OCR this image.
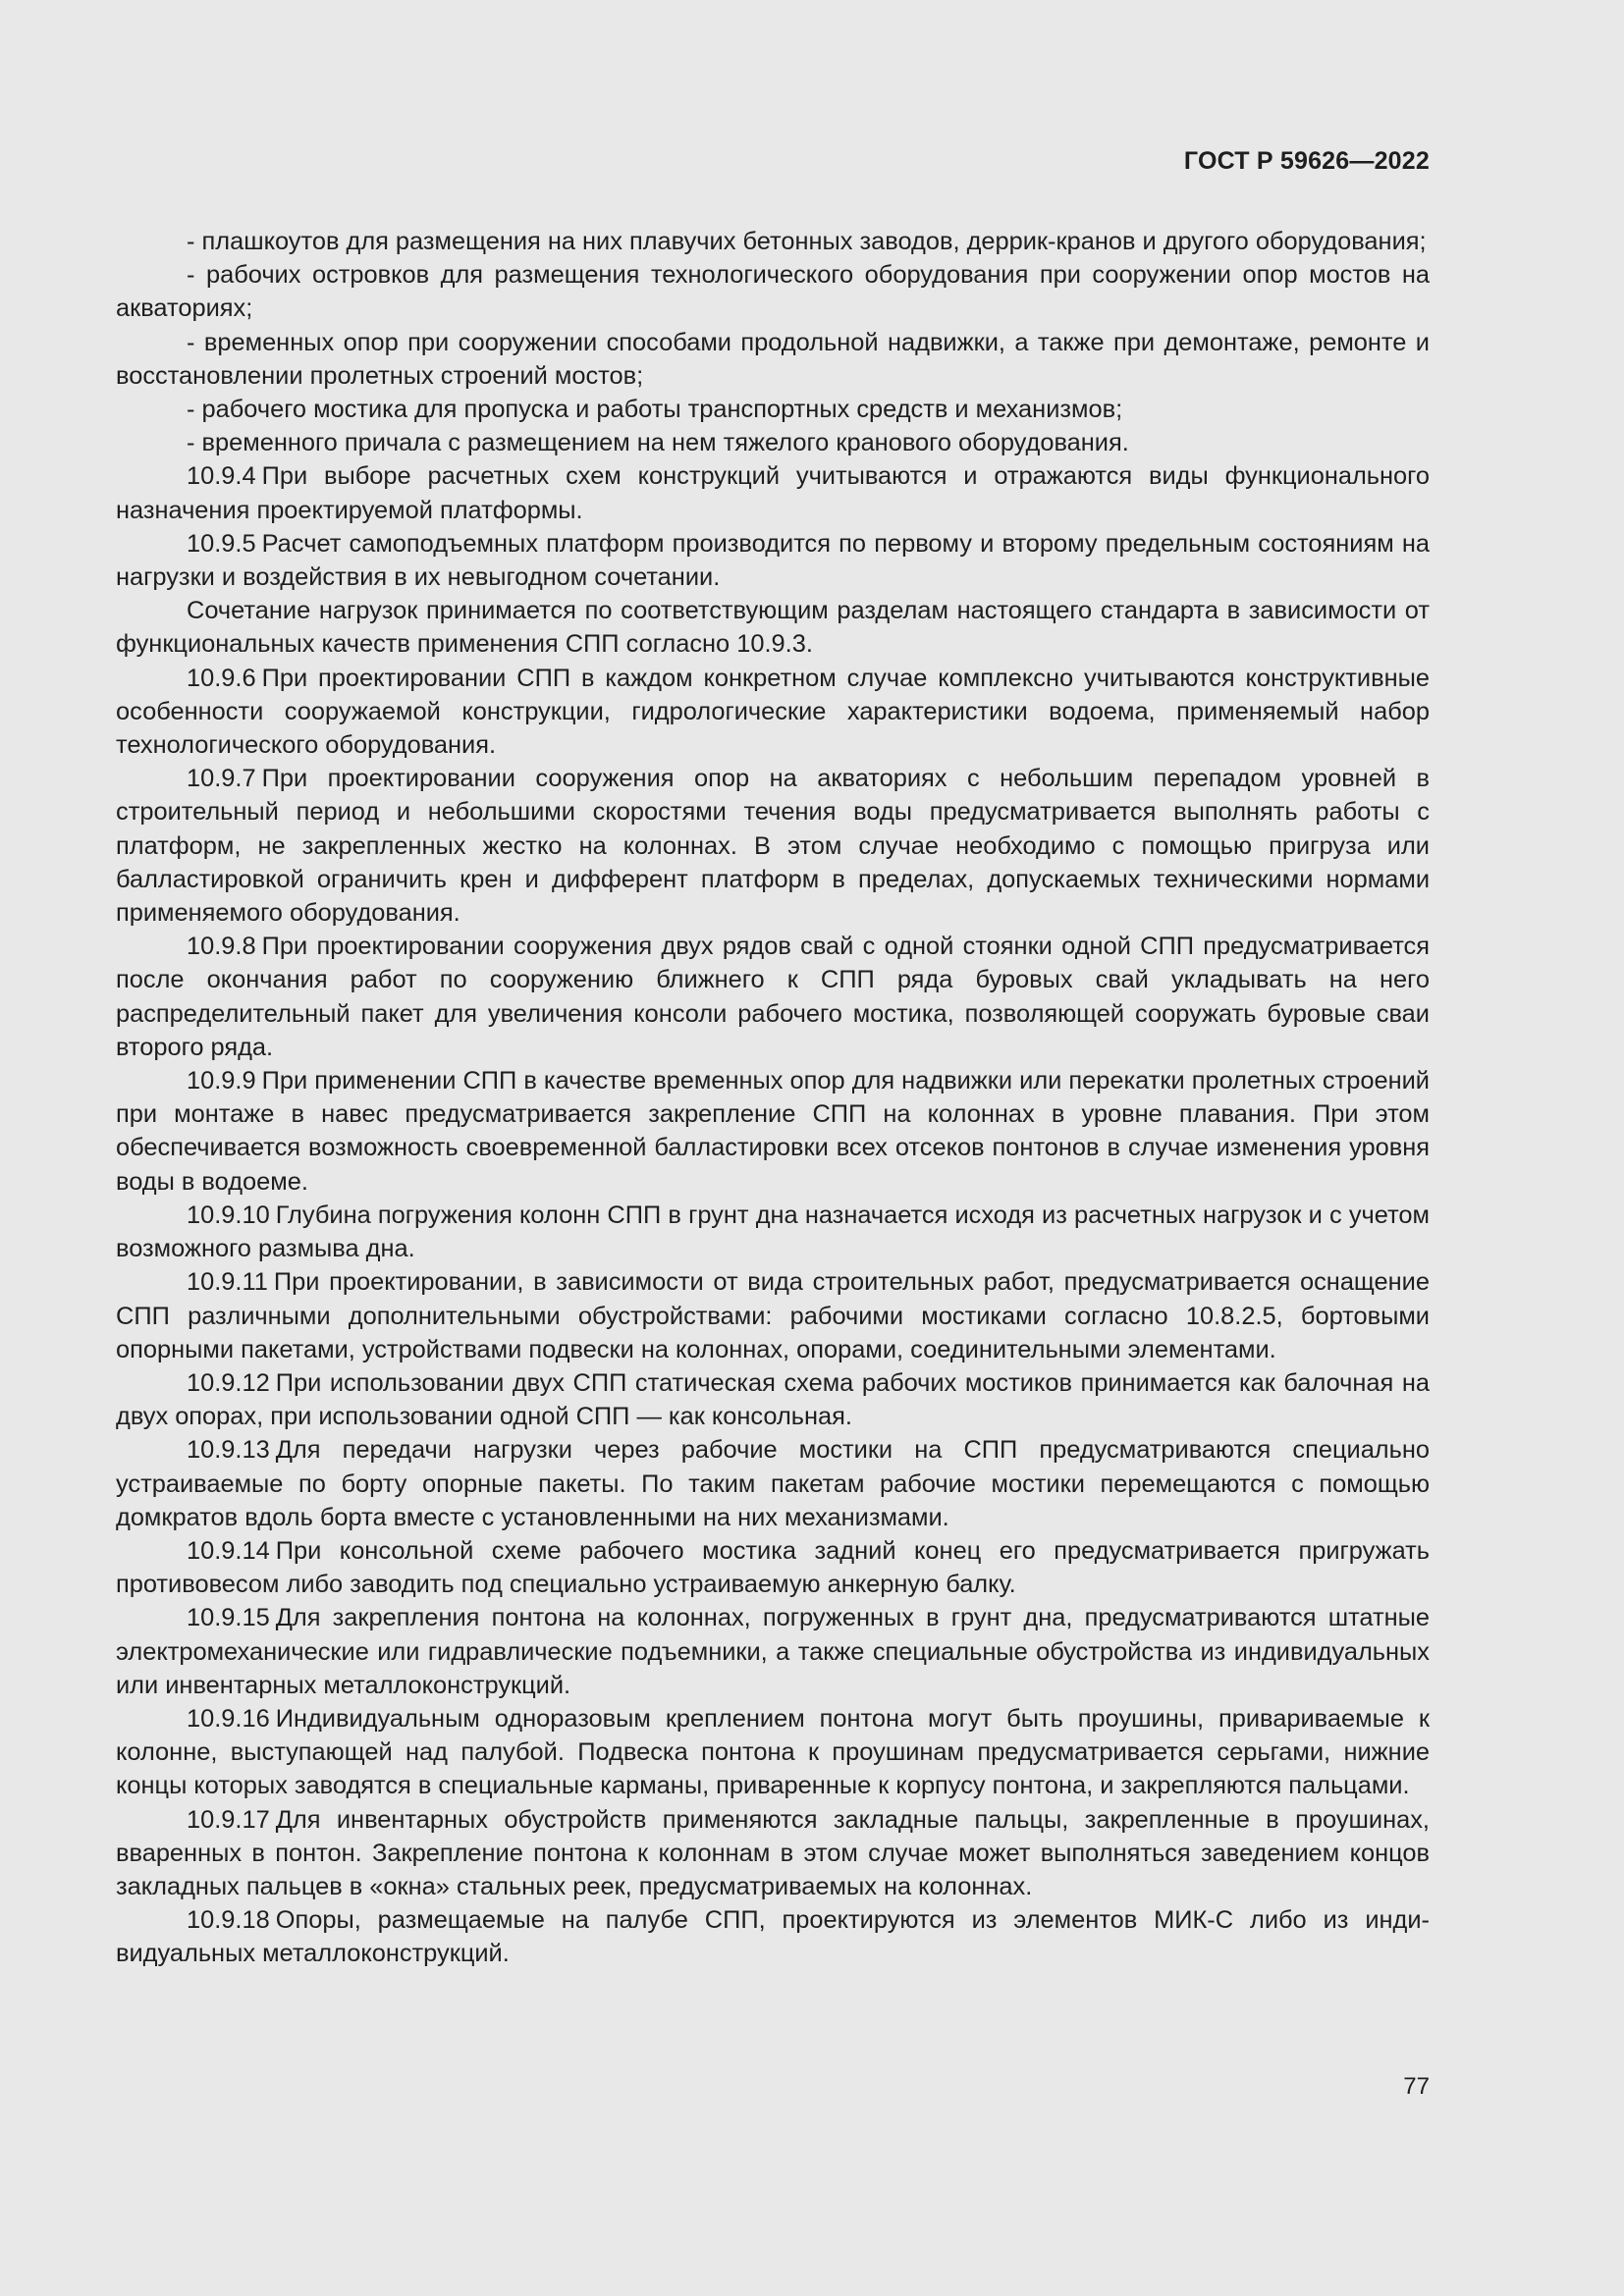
ГОСТ Р 59626—2022

- плашкоутов для размещения на них плавучих бетонных заводов, деррик-кранов и другого оборудования;

- рабочих островков для размещения технологического оборудования при сооружении опор мостов на акваториях;

- временных опор при сооружении способами продольной надвижки, а также при демонтаже, ремонте и восстановлении пролетных строений мостов;

- рабочего мостика для пропуска и работы транспортных средств и механизмов;

- временного причала с размещением на нем тяжелого кранового оборудования.

10.9.4 При выборе расчетных схем конструкций учитываются и отражаются виды функционального назначения проектируемой платформы.

10.9.5 Расчет самоподъемных платформ производится по первому и второму предельным состояниям на нагрузки и воздействия в их невыгодном сочетании.

Сочетание нагрузок принимается по соответствующим разделам настоящего стандарта в зависимости от функциональных качеств применения СПП согласно 10.9.3.

10.9.6 При проектировании СПП в каждом конкретном случае комплексно учитываются конструктивные особенности сооружаемой конструкции, гидрологические характеристики водоема, применяемый набор технологического оборудования.

10.9.7 При проектировании сооружения опор на акваториях с небольшим перепадом уровней в строительный период и небольшими скоростями течения воды предусматривается выполнять работы с платформ, не закрепленных жестко на колоннах. В этом случае необходимо с помощью пригруза или балластировкой ограничить крен и дифферент платформ в пределах, допускаемых техническими нормами применяемого оборудования.

10.9.8 При проектировании сооружения двух рядов свай с одной стоянки одной СПП предусматривается после окончания работ по сооружению ближнего к СПП ряда буровых свай укладывать на него распределительный пакет для увеличения консоли рабочего мостика, позволяющей сооружать буровые сваи второго ряда.

10.9.9 При применении СПП в качестве временных опор для надвижки или перекатки пролетных строений при монтаже в навес предусматривается закрепление СПП на колоннах в уровне плавания. При этом обеспечивается возможность своевременной балластировки всех отсеков понтонов в случае изменения уровня воды в водоеме.

10.9.10 Глубина погружения колонн СПП в грунт дна назначается исходя из расчетных нагрузок и с учетом возможного размыва дна.

10.9.11 При проектировании, в зависимости от вида строительных работ, предусматривается оснащение СПП различными дополнительными обустройствами: рабочими мостиками согласно 10.8.2.5, бортовыми опорными пакетами, устройствами подвески на колоннах, опорами, соединительными элементами.

10.9.12 При использовании двух СПП статическая схема рабочих мостиков принимается как балочная на двух опорах, при использовании одной СПП — как консольная.

10.9.13 Для передачи нагрузки через рабочие мостики на СПП предусматриваются специально устраиваемые по борту опорные пакеты. По таким пакетам рабочие мостики перемещаются с помощью домкратов вдоль борта вместе с установленными на них механизмами.

10.9.14 При консольной схеме рабочего мостика задний конец его предусматривается пригружать противовесом либо заводить под специально устраиваемую анкерную балку.

10.9.15 Для закрепления понтона на колоннах, погруженных в грунт дна, предусматриваются штатные электромеханические или гидравлические подъемники, а также специальные обустройства из индивидуальных или инвентарных металлоконструкций.

10.9.16 Индивидуальным одноразовым креплением понтона могут быть проушины, привариваемые к колонне, выступающей над палубой. Подвеска понтона к проушинам предусматривается серьгами, нижние концы которых заводятся в специальные карманы, приваренные к корпусу понтона, и закрепляются пальцами.

10.9.17 Для инвентарных обустройств применяются закладные пальцы, закрепленные в проушинах, вваренных в понтон. Закрепление понтона к колоннам в этом случае может выполняться заведением концов закладных пальцев в «окна» стальных реек, предусматриваемых на колоннах.

10.9.18 Опоры, размещаемые на палубе СПП, проектируются из элементов МИК-С либо из индивидуальных металлоконструкций.

77
